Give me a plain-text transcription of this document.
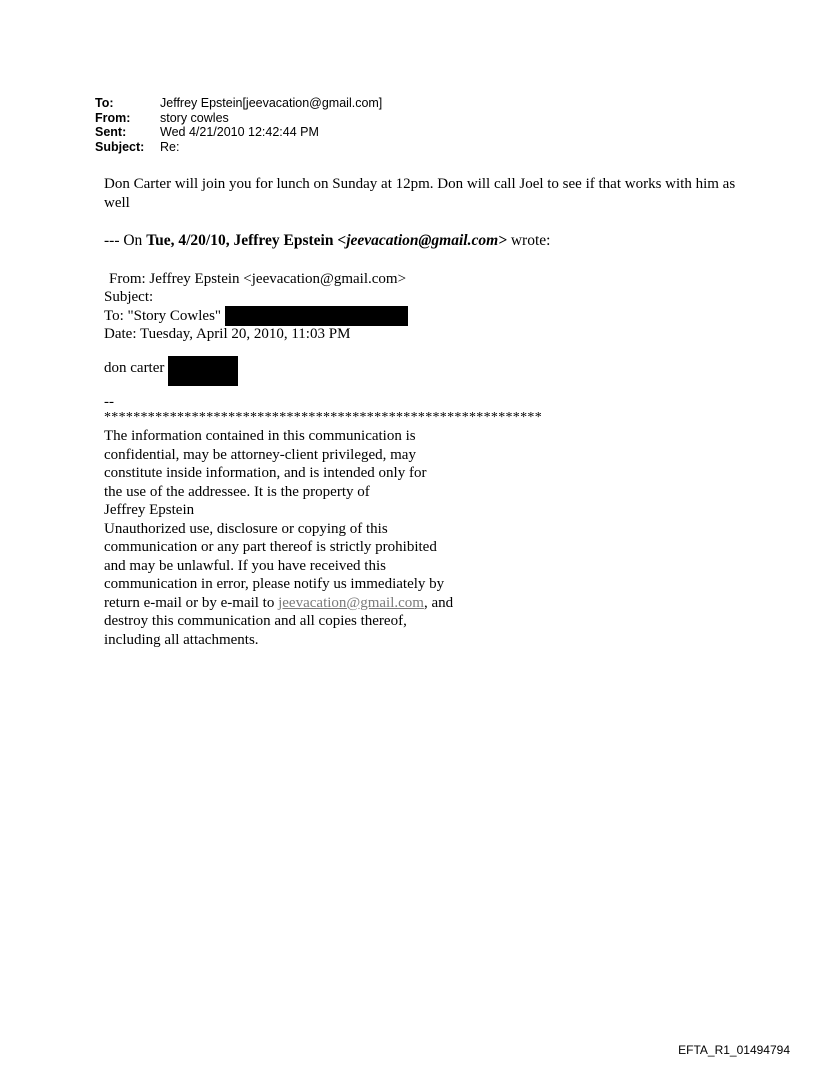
To:	Jeffrey Epstein[jeevacation@gmail.com]
From:	story cowles
Sent:	Wed 4/21/2010 12:42:44 PM
Subject:	Re:

Don Carter will join you for lunch on Sunday at 12pm. Don will call Joel to see if that works with him as well

--- On Tue, 4/20/10, Jeffrey Epstein <jeevacation@gmail.com> wrote:
From: Jeffrey Epstein <jeevacation@gmail.com>
Subject:
To: "Story Cowles"
Date: Tuesday, April 20, 2010, 11:03 PM
don carter
--
************************************************************
The information contained in this communication is
confidential, may be attorney-client privileged, may
constitute inside information, and is intended only for
the use of the addressee. It is the property of
Jeffrey Epstein
Unauthorized use, disclosure or copying of this
communication or any part thereof is strictly prohibited
and may be unlawful. If you have received this
communication in error, please notify us immediately by
return e-mail or by e-mail to jeevacation@gmail.com, and
destroy this communication and all copies thereof,
including all attachments.
EFTA_R1_01494794
